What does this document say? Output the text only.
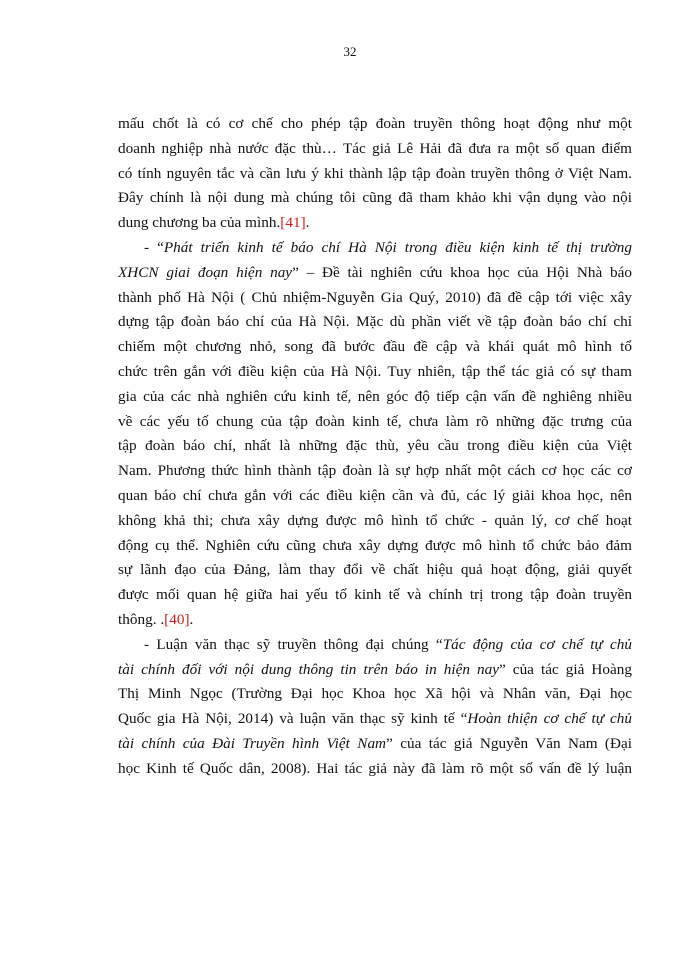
32
mấu chốt là có cơ chế cho phép tập đoàn truyền thông hoạt động như một
doanh nghiệp nhà nước đặc thù… Tác giả Lê Hải đã đưa ra một số quan điểm
có tính nguyên tắc và cần lưu ý khi thành lập tập đoàn truyền thông ở Việt Nam.
Đây chính là nội dung mà chúng tôi cũng đã tham khảo khi vận dụng vào nội
dung chương ba của mình.[41].
- “Phát triển kinh tế báo chí Hà Nội trong điều kiện kinh tế thị trường
XHCN giai đoạn hiện nay” – Đề tài nghiên cứu khoa học của Hội Nhà báo
thành phố Hà Nội ( Chủ nhiệm-Nguyễn Gia Quý, 2010) đã đề cập tới việc xây
dựng tập đoàn báo chí của Hà Nội. Mặc dù phần viết về tập đoàn báo chí chỉ
chiếm một chương nhỏ, song đã bước đầu đề cập và khái quát mô hình tổ
chức trên gắn với điều kiện của Hà Nội. Tuy nhiên, tập thể tác giả có sự tham
gia của các nhà nghiên cứu kinh tế, nên góc độ tiếp cận vấn đề nghiêng nhiều
về các yếu tố chung của tập đoàn kinh tế, chưa làm rõ những đặc trưng của
tập đoàn báo chí, nhất là những đặc thù, yêu cầu trong điều kiện của Việt
Nam. Phương thức hình thành tập đoàn là sự hợp nhất một cách cơ học các cơ
quan báo chí chưa gắn với các điều kiện cần và đủ, các lý giải khoa học, nên
không khả thi; chưa xây dựng được mô hình tổ chức - quản lý, cơ chế hoạt
động cụ thể. Nghiên cứu cũng chưa xây dựng được mô hình tổ chức bảo đảm
sự lãnh đạo của Đảng, làm thay đổi về chất hiệu quả hoạt động, giải quyết
được mối quan hệ giữa hai yếu tố kinh tế và chính trị trong tập đoàn truyền
thông. .[40].
- Luận văn thạc sỹ truyền thông đại chúng “Tác động của cơ chế tự chủ
tài chính đối với nội dung thông tin trên báo in hiện nay” của tác giả Hoàng
Thị Minh Ngọc (Trường Đại học Khoa học Xã hội và Nhân văn, Đại học
Quốc gia Hà Nội, 2014) và luận văn thạc sỹ kinh tế “Hoàn thiện cơ chế tự chủ
tài chính của Đài Truyền hình Việt Nam” của tác giả Nguyễn Văn Nam (Đại
học Kinh tế Quốc dân, 2008). Hai tác giả này đã làm rõ một số vấn đề lý luận
